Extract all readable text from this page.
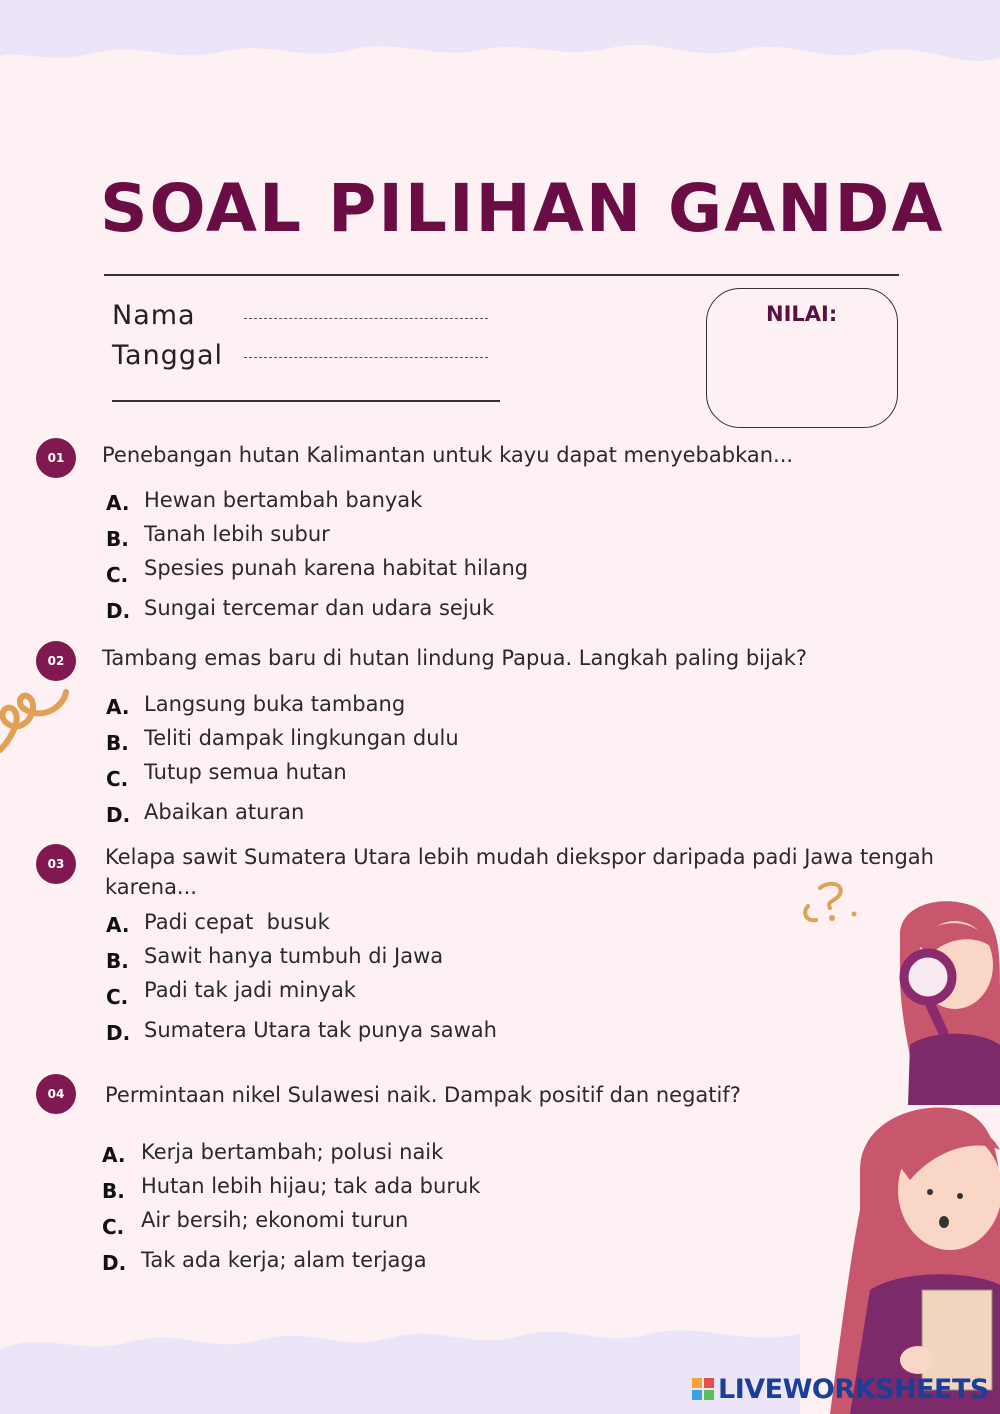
SOAL PILIHAN GANDA
Nama
Tanggal
NILAI:
01	Penebangan hutan Kalimantan untuk kayu dapat menyebabkan...
A. Hewan bertambah banyak
B. Tanah lebih subur
C. Spesies punah karena habitat hilang
D. Sungai tercemar dan udara sejuk
02	Tambang emas baru di hutan lindung Papua. Langkah paling bijak?
A. Langsung buka tambang
B. Teliti dampak lingkungan dulu
C. Tutup semua hutan
D. Abaikan aturan
03	Kelapa sawit Sumatera Utara lebih mudah diekspor daripada padi Jawa tengah
karena...
A. Padi cepat  busuk
B. Sawit hanya tumbuh di Jawa
C. Padi tak jadi minyak
D. Sumatera Utara tak punya sawah
04	Permintaan nikel Sulawesi naik. Dampak positif dan negatif?
A. Kerja bertambah; polusi naik
B. Hutan lebih hijau; tak ada buruk
C. Air bersih; ekonomi turun
D. Tak ada kerja; alam terjaga
LIVEWORKSHEETS
